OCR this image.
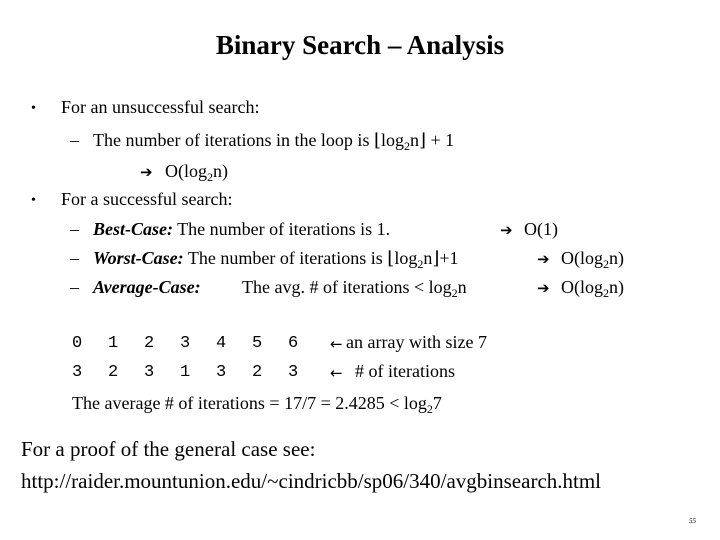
Binary Search – Analysis
• For an unsuccessful search:
– The number of iterations in the loop is $⌊\log_2n⌋ + 1$
➔ $O(\log_2n)$
• For a successful search:
– Best-Case: The number of iterations is 1.	➔ O(1)
– Worst-Case: The number of iterations is $⌊\log_2n⌋+1$	➔ $O(\log_2n)$
– Average-Case: The avg. # of iterations < $\log_2n$	➔ $O(\log_2n)$
0 1 2 3 4 5 6 ← an array with size 7
3 2 3 1 3 2 3 ← # of iterations
The average # of iterations = $17/7 = 2.4285 < \log_27$
For a proof of the general case see:
http://raider.mountunion.edu/~cindricbb/sp06/340/avgbinsearch.html
55
